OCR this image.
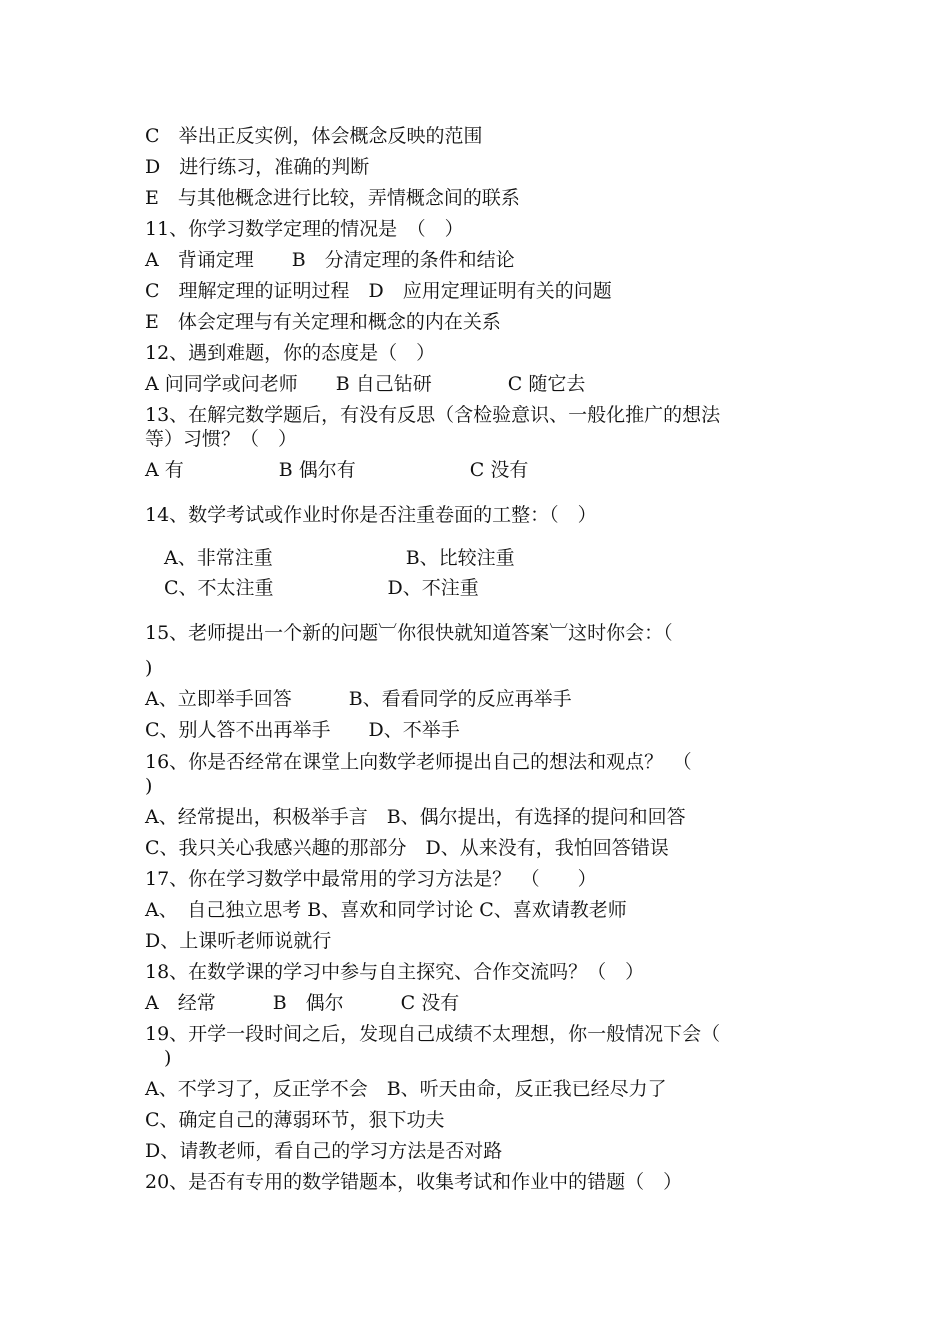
C　举出正反实例，体会概念反映的范围
D　进行练习，准确的判断
E　与其他概念进行比较，弄情概念间的联系
11、你学习数学定理的情况是　（　）
A　背诵定理　　B　分清定理的条件和结论
C　理解定理的证明过程　D　应用定理证明有关的问题
E　体会定理与有关定理和概念的内在关系
12、遇到难题，你的态度是（　）
A 问同学或问老师　　B 自己钻研　　　　C 随它去
13、在解完数学题后，有没有反思（含检验意识、一般化推广的想法
等）习惯？（　）
A 有　　　　　B 偶尔有　　　　　　C 没有
14、数学考试或作业时你是否注重卷面的工整：（　）
　A、非常注重　　　　　　　B、比较注重
　C、不太注重　　　　　　D、不注重
15、老师提出一个新的问题︺你很快就知道答案︺这时你会：（
)
A、立即举手回答　　　B、看看同学的反应再举手
C、别人答不出再举手　　D、不举手
16、你是否经常在课堂上向数学老师提出自己的想法和观点？　（
)
A、经常提出，积极举手言　B、偶尔提出，有选择的提问和回答
C、我只关心我感兴趣的那部分　D、从来没有，我怕回答错误
17、你在学习数学中最常用的学习方法是？　（　　）
A、　自己独立思考 B、喜欢和同学讨论 C、喜欢请教老师
D、上课听老师说就行
18、在数学课的学习中参与自主探究、合作交流吗？（　）
A　经常　　　B　偶尔　　　C 没有
19、开学一段时间之后，发现自己成绩不太理想，你一般情况下会（
　)
A、不学习了，反正学不会　B、听天由命，反正我已经尽力了
C、确定自己的薄弱环节，狠下功夫
D、请教老师，看自己的学习方法是否对路
20、是否有专用的数学错题本，收集考试和作业中的错题（　）
